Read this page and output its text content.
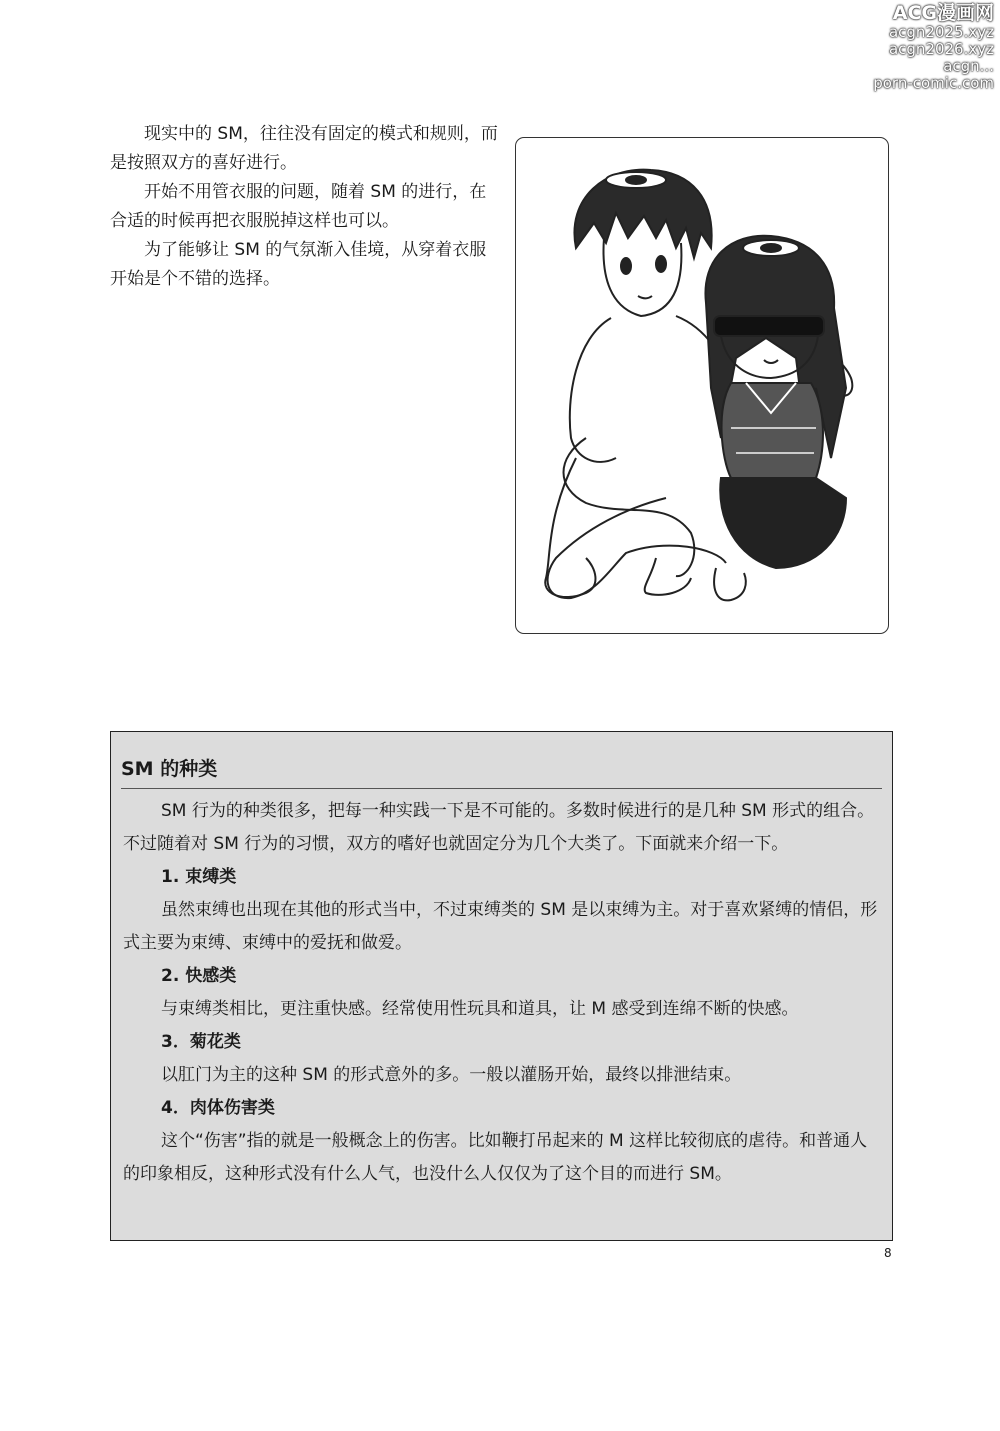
ACG漫画网
acgn2025.xyz
acgn2026.xyz
acgn...
porn-comic.com

现实中的 SM，往往没有固定的模式和规则，而是按照双方的喜好进行。

开始不用管衣服的问题，随着 SM 的进行，在合适的时候再把衣服脱掉这样也可以。

为了能够让 SM 的气氛渐入佳境，从穿着衣服开始是个不错的选择。

SM 的种类

SM 行为的种类很多，把每一种实践一下是不可能的。多数时候进行的是几种 SM 形式的组合。不过随着对 SM 行为的习惯，双方的嗜好也就固定分为几个大类了。下面就来介绍一下。

1. 束缚类

虽然束缚也出现在其他的形式当中，不过束缚类的 SM 是以束缚为主。对于喜欢紧缚的情侣，形式主要为束缚、束缚中的爱抚和做爱。

2. 快感类

与束缚类相比，更注重快感。经常使用性玩具和道具，让 M 感受到连绵不断的快感。

3．菊花类

以肛门为主的这种 SM 的形式意外的多。一般以灌肠开始，最终以排泄结束。

4．肉体伤害类

这个“伤害”指的就是一般概念上的伤害。比如鞭打吊起来的 M 这样比较彻底的虐待。和普通人的印象相反，这种形式没有什么人气，也没什么人仅仅为了这个目的而进行 SM。

8
